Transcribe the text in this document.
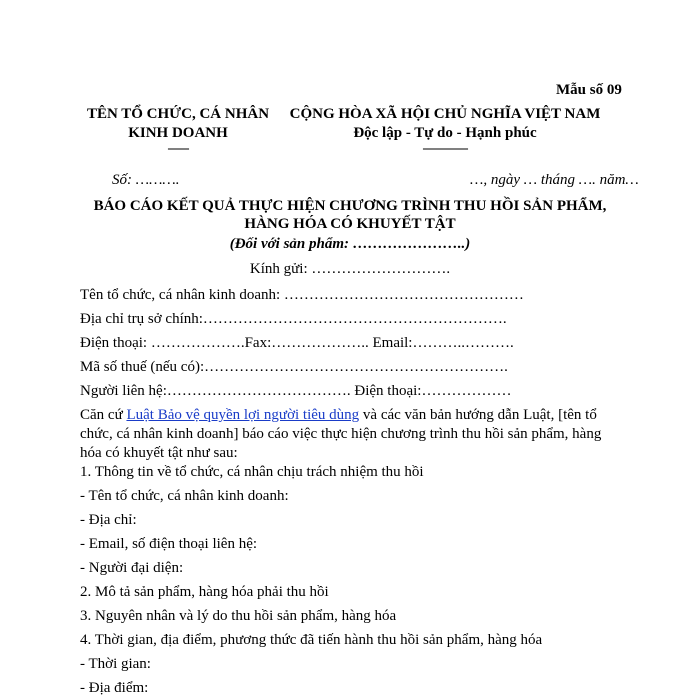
Mẫu số 09
TÊN TỔ CHỨC, CÁ NHÂN
KINH DOANH
-------
CỘNG HÒA XÃ HỘI CHỦ NGHĨA VIỆT NAM
Độc lập - Tự do - Hạnh phúc
---------------
Số: ……….	…, ngày … tháng …. năm…
BÁO CÁO KẾT QUẢ THỰC HIỆN CHƯƠNG TRÌNH THU HỒI SẢN PHẨM,
HÀNG HÓA CÓ KHUYẾT TẬT
(Đối với sản phẩm: …………………..)
Kính gửi: ……………………….
Tên tổ chức, cá nhân kinh doanh: …………………………………………
Địa chỉ trụ sở chính:…………………………………………………….
Điện thoại: ……………….Fax:……………….. Email:………..……….
Mã số thuế (nếu có):…………………………………………………….
Người liên hệ:………………………………. Điện thoại:………………
Căn cứ Luật Bảo vệ quyền lợi người tiêu dùng và các văn bản hướng dẫn Luật, [tên tổ chức, cá nhân kinh doanh] báo cáo việc thực hiện chương trình thu hồi sản phẩm, hàng hóa có khuyết tật như sau:
1. Thông tin về tổ chức, cá nhân chịu trách nhiệm thu hồi
- Tên tổ chức, cá nhân kinh doanh:
- Địa chỉ:
- Email, số điện thoại liên hệ:
- Người đại diện:
2. Mô tả sản phẩm, hàng hóa phải thu hồi
3. Nguyên nhân và lý do thu hồi sản phẩm, hàng hóa
4. Thời gian, địa điểm, phương thức đã tiến hành thu hồi sản phẩm, hàng hóa
- Thời gian:
- Địa điểm:
